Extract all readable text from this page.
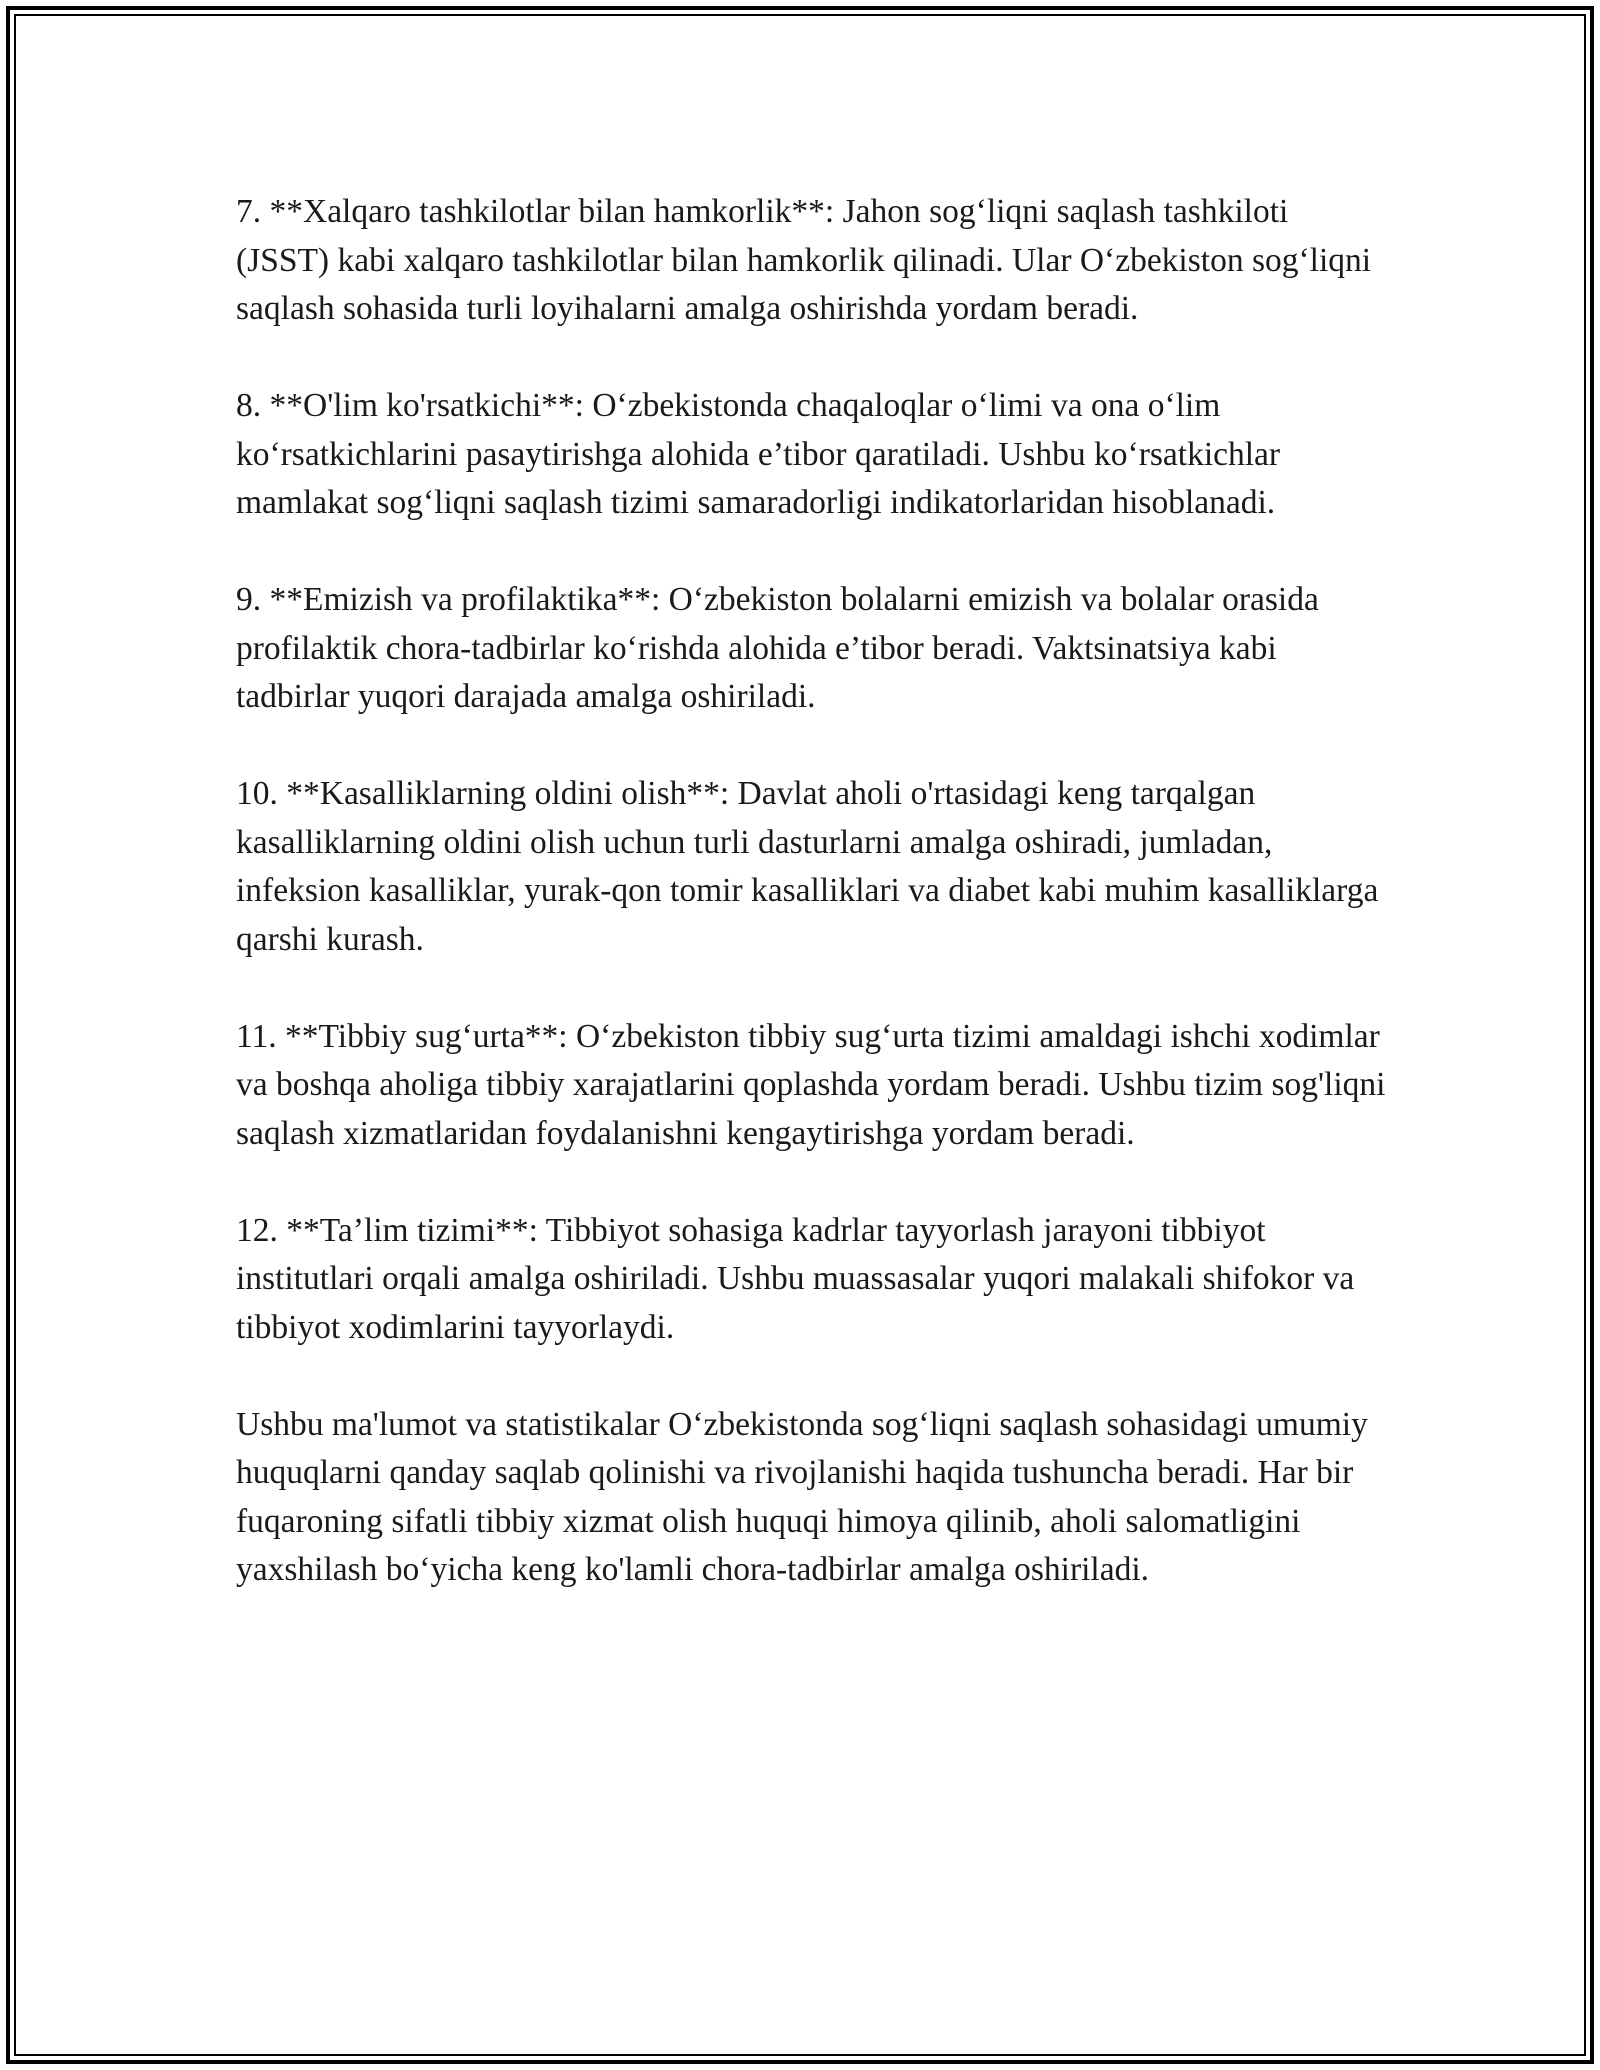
7. **Xalqaro tashkilotlar bilan hamkorlik**: Jahon sog‘liqni saqlash tashkiloti (JSST) kabi xalqaro tashkilotlar bilan hamkorlik qilinadi. Ular O‘zbekiston sog‘liqni saqlash sohasida turli loyihalarni amalga oshirishda yordam beradi.

8. **O'lim ko'rsatkichi**: O‘zbekistonda chaqaloqlar o‘limi va ona o‘lim ko‘rsatkichlarini pasaytirishga alohida e’tibor qaratiladi. Ushbu ko‘rsatkichlar mamlakat sog‘liqni saqlash tizimi samaradorligi indikatorlaridan hisoblanadi.

9. **Emizish va profilaktika**: O‘zbekiston bolalarni emizish va bolalar orasida profilaktik chora-tadbirlar ko‘rishda alohida e’tibor beradi. Vaktsinatsiya kabi tadbirlar yuqori darajada amalga oshiriladi.

10. **Kasalliklarning oldini olish**: Davlat aholi o'rtasidagi keng tarqalgan kasalliklarning oldini olish uchun turli dasturlarni amalga oshiradi, jumladan, infeksion kasalliklar, yurak-qon tomir kasalliklari va diabet kabi muhim kasalliklarga qarshi kurash.

11. **Tibbiy sug‘urta**: O‘zbekiston tibbiy sug‘urta tizimi amaldagi ishchi xodimlar va boshqa aholiga tibbiy xarajatlarini qoplashda yordam beradi. Ushbu tizim sog'liqni saqlash xizmatlaridan foydalanishni kengaytirishga yordam beradi.

12. **Ta’lim tizimi**: Tibbiyot sohasiga kadrlar tayyorlash jarayoni tibbiyot institutlari orqali amalga oshiriladi. Ushbu muassasalar yuqori malakali shifokor va tibbiyot xodimlarini tayyorlaydi.

Ushbu ma'lumot va statistikalar O‘zbekistonda sog‘liqni saqlash sohasidagi umumiy huquqlarni qanday saqlab qolinishi va rivojlanishi haqida tushuncha beradi. Har bir fuqaroning sifatli tibbiy xizmat olish huquqi himoya qilinib, aholi salomatligini yaxshilash bo‘yicha keng ko'lamli chora-tadbirlar amalga oshiriladi.
